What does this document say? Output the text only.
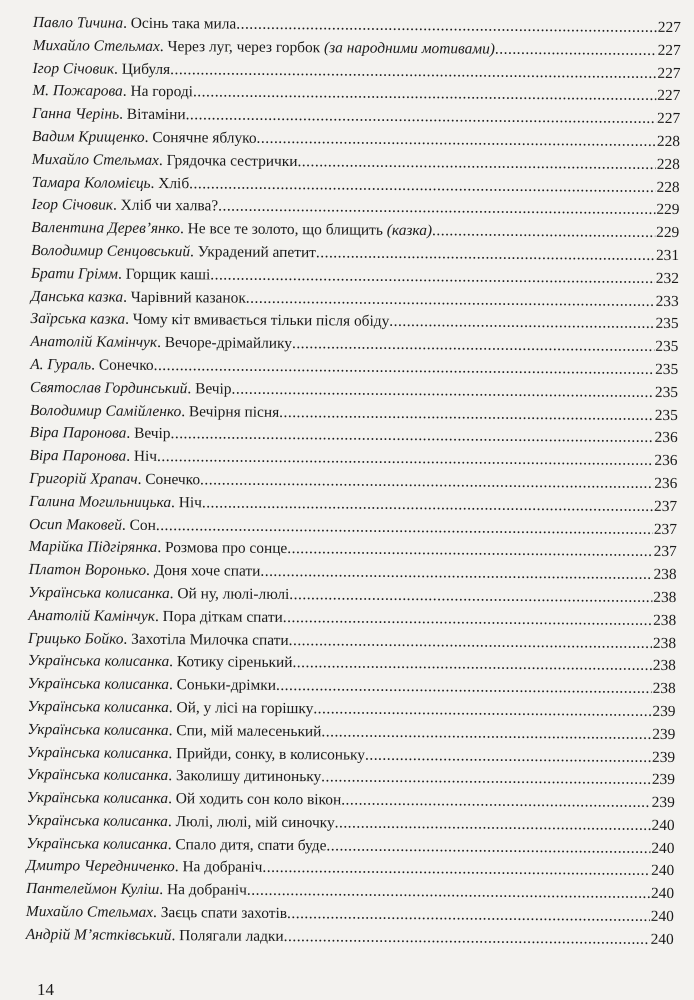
Павло Тичина. Осінь така мила .....	227
Михайло Стельмах. Через луг, через горбок (за народними мотивами) .....	227
Ігор Січовик. Цибуля .....	227
М. Пожарова. На городі .....	227
Ганна Черінь. Вітаміни .....	227
Вадим Крищенко. Сонячне яблуко .....	228
Михайло Стельмах. Грядочка сестрички .....	228
Тамара Коломієць. Хліб .....	228
Ігор Січовик. Хліб чи халва? .....	229
Валентина Дерев’янко. Не все те золото, що блищить (казка) .....	229
Володимир Сенцовський. Украдений апетит .....	231
Брати Грімм. Горщик каші .....	232
Данська казка. Чарівний казанок .....	233
Заїрська казка. Чому кіт вмивається тільки після обіду .....	235
Анатолій Камінчук. Вечоре-дрімайлику .....	235
А. Гураль. Сонечко .....	235
Святослав Гординський. Вечір .....	235
Володимир Самійленко. Вечірня пісня .....	235
Віра Паронова. Вечір .....	236
Віра Паронова. Ніч .....	236
Григорій Храпач. Сонечко .....	236
Галина Могильницька. Ніч .....	237
Осип Маковей. Сон .....	237
Марійка Підгірянка. Розмова про сонце .....	237
Платон Воронько. Доня хоче спати .....	238
Українська колисанка. Ой ну, люлі-люлі .....	238
Анатолій Камінчук. Пора діткам спати .....	238
Грицько Бойко. Захотіла Милочка спати .....	238
Українська колисанка. Котику сіренький .....	238
Українська колисанка. Соньки-дрімки .....	238
Українська колисанка. Ой, у лісі на горішку .....	239
Українська колисанка. Спи, мій малесенький .....	239
Українська колисанка. Прийди, сонку, в колисоньку .....	239
Українська колисанка. Заколишу дитиноньку .....	239
Українська колисанка. Ой ходить сон коло вікон .....	239
Українська колисанка. Люлі, люлі, мій синочку .....	240
Українська колисанка. Спало дитя, спати буде .....	240
Дмитро Чередниченко. На добраніч .....	240
Пантелеймон Куліш. На добраніч .....	240
Михайло Стельмах. Заєць спати захотів .....	240
Андрій М’ястківський. Полягали ладки .....	240
14
